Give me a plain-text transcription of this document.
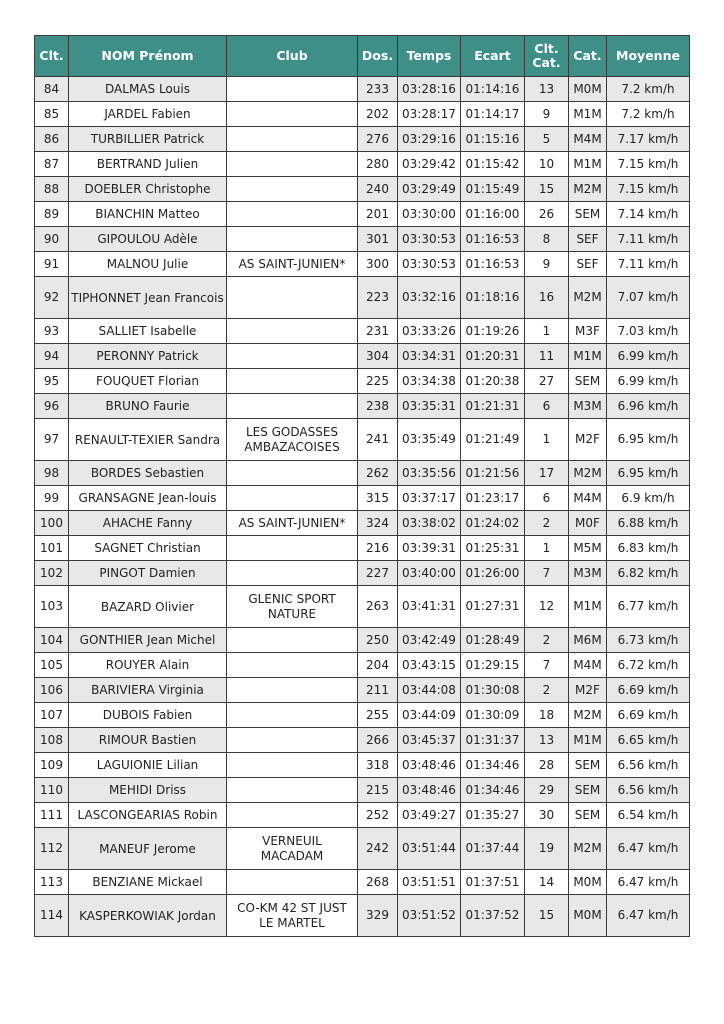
Clt.	NOM Prénom	Club	Dos.	Temps	Ecart	Clt. Cat.	Cat.	Moyenne
84	DALMAS Louis		233	03:28:16	01:14:16	13	M0M	7.2 km/h
85	JARDEL Fabien		202	03:28:17	01:14:17	9	M1M	7.2 km/h
86	TURBILLIER Patrick		276	03:29:16	01:15:16	5	M4M	7.17 km/h
87	BERTRAND Julien		280	03:29:42	01:15:42	10	M1M	7.15 km/h
88	DOEBLER Christophe		240	03:29:49	01:15:49	15	M2M	7.15 km/h
89	BIANCHIN Matteo		201	03:30:00	01:16:00	26	SEM	7.14 km/h
90	GIPOULOU Adèle		301	03:30:53	01:16:53	8	SEF	7.11 km/h
91	MALNOU Julie	AS SAINT-JUNIEN*	300	03:30:53	01:16:53	9	SEF	7.11 km/h
92	TIPHONNET Jean Francois		223	03:32:16	01:18:16	16	M2M	7.07 km/h
93	SALLIET Isabelle		231	03:33:26	01:19:26	1	M3F	7.03 km/h
94	PERONNY Patrick		304	03:34:31	01:20:31	11	M1M	6.99 km/h
95	FOUQUET Florian		225	03:34:38	01:20:38	27	SEM	6.99 km/h
96	BRUNO Faurie		238	03:35:31	01:21:31	6	M3M	6.96 km/h
97	RENAULT-TEXIER Sandra	LES GODASSES AMBAZACOISES	241	03:35:49	01:21:49	1	M2F	6.95 km/h
98	BORDES Sebastien		262	03:35:56	01:21:56	17	M2M	6.95 km/h
99	GRANSAGNE Jean-louis		315	03:37:17	01:23:17	6	M4M	6.9 km/h
100	AHACHE Fanny	AS SAINT-JUNIEN*	324	03:38:02	01:24:02	2	M0F	6.88 km/h
101	SAGNET Christian		216	03:39:31	01:25:31	1	M5M	6.83 km/h
102	PINGOT Damien		227	03:40:00	01:26:00	7	M3M	6.82 km/h
103	BAZARD Olivier	GLENIC SPORT NATURE	263	03:41:31	01:27:31	12	M1M	6.77 km/h
104	GONTHIER Jean Michel		250	03:42:49	01:28:49	2	M6M	6.73 km/h
105	ROUYER Alain		204	03:43:15	01:29:15	7	M4M	6.72 km/h
106	BARIVIERA Virginia		211	03:44:08	01:30:08	2	M2F	6.69 km/h
107	DUBOIS Fabien		255	03:44:09	01:30:09	18	M2M	6.69 km/h
108	RIMOUR Bastien		266	03:45:37	01:31:37	13	M1M	6.65 km/h
109	LAGUIONIE Lilian		318	03:48:46	01:34:46	28	SEM	6.56 km/h
110	MEHIDI Driss		215	03:48:46	01:34:46	29	SEM	6.56 km/h
111	LASCONGEARIAS Robin		252	03:49:27	01:35:27	30	SEM	6.54 km/h
112	MANEUF Jerome	VERNEUIL MACADAM	242	03:51:44	01:37:44	19	M2M	6.47 km/h
113	BENZIANE Mickael		268	03:51:51	01:37:51	14	M0M	6.47 km/h
114	KASPERKOWIAK Jordan	CO-KM 42 ST JUST LE MARTEL	329	03:51:52	01:37:52	15	M0M	6.47 km/h
